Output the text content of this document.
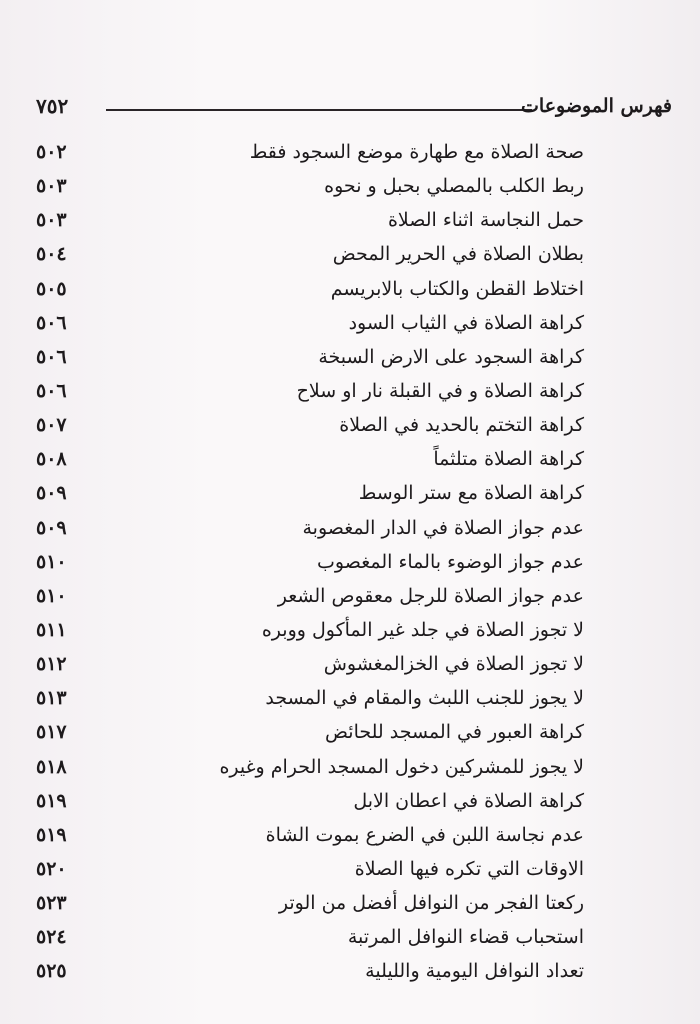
٧٥٢	فهرس الموضوعات
صحة الصلاة مع طهارة موضع السجود فقط
٥٠٢
ربط الكلب بالمصلي بحبل و نحوه
٥٠٣
حمل النجاسة اثناء الصلاة
٥٠٣
بطلان الصلاة في الحرير المحض
٥٠٤
اختلاط القطن والكتاب بالابريسم
٥٠٥
كراهة الصلاة في الثياب السود
٥٠٦
كراهة السجود على الارض السبخة
٥٠٦
كراهة الصلاة و في القبلة نار او سلاح
٥٠٦
كراهة التختم بالحديد في الصلاة
٥٠٧
كراهة الصلاة متلثماً
٥٠٨
كراهة الصلاة مع ستر الوسط
٥٠٩
عدم جواز الصلاة في الدار المغصوبة
٥٠٩
عدم جواز الوضوء بالماء المغصوب
٥١٠
عدم جواز الصلاة للرجل معقوص الشعر
٥١٠
لا تجوز الصلاة في جلد غير المأكول ووبره
٥١١
لا تجوز الصلاة في الخزالمغشوش
٥١٢
لا يجوز للجنب اللبث والمقام في المسجد
٥١٣
كراهة العبور في المسجد للحائض
٥١٧
لا يجوز للمشركين دخول المسجد الحرام وغيره
٥١٨
كراهة الصلاة في اعطان الابل
٥١٩
عدم نجاسة اللبن في الضرع بموت الشاة
٥١٩
الاوقات التي تكره فيها الصلاة
٥٢٠
ركعتا الفجر من النوافل أفضل من الوتر
٥٢٣
استحباب قضاء النوافل المرتبة
٥٢٤
تعداد النوافل اليومية والليلية
٥٢٥
